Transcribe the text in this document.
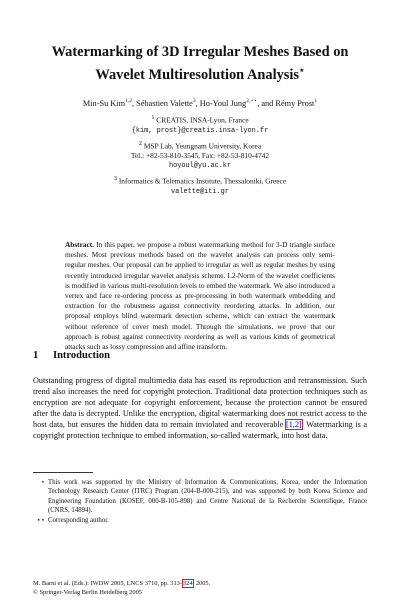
Watermarking of 3D Irregular Meshes Based on
Wavelet Multiresolution Analysis⋆
Min-Su Kim$^{1,2}$, Sébastien Valette$^3$, Ho-Youl Jung$^{2,⋆⋆}$, and Rémy Prost$^1$
$^1$ CREATIS, INSA-Lyon, France
{kim, prost}@creatis.insa-lyon.fr
$^2$ MSP Lab, Yeungnam University, Korea
Tel.: +82-53-810-3545, Fax: +82-53-810-4742
hoyoul@yu.ac.kr
$^3$ Informatics & Telematics Institute, Thessaloniki, Greece
valette@iti.gr
Abstract. In this paper, we propose a robust watermarking method for 3-D triangle surface meshes. Most previous methods based on the wavelet analysis can process only semi-regular meshes. Our proposal can be applied to irregular as well as regular meshes by using recently introduced irregular wavelet analysis scheme. L2-Norm of the wavelet coefficients is modified in various multi-resolution levels to embed the watermark. We also introduced a vertex and face re-ordering process as pre-processing in both watermark embedding and extraction for the robustness against connectivity reordering attacks. In addition, our proposal employs blind watermark detection scheme, which can extract the watermark without reference of cover mesh model. Through the simulations, we prove that our approach is robust against connectivity reordering as well as various kinds of geometrical attacks such as lossy compression and affine transform.
1 Introduction
Outstanding progress of digital multimedia data has eased its reproduction and retransmission. Such trend also increases the need for copyright protection. Traditional data protection techniques such as encryption are not adequate for copyright enforcement, because the protection cannot be ensured after the data is decrypted. Unlike the encryption, digital watermarking does not restrict access to the host data, but ensures the hidden data to remain inviolated and recoverable [1,2]. Watermarking is a copyright protection technique to embed information, so-called watermark, into host data.
⋆ This work was supported by the Ministry of Information & Communications, Korea, under the Information Technology Research Center (ITRC) Program (204-B-000-215), and was supported by both Korea Science and Engineering Foundation (KOSEF, 000-B-105-898) and Centre National de la Recherche Scientifique, France (CNRS, 14894).
⋆⋆ Corresponding author.
M. Barni et al. (Eds.): IWDW 2005, LNCS 3710, pp. 313–324, 2005.
© Springer-Verlag Berlin Heidelberg 2005
